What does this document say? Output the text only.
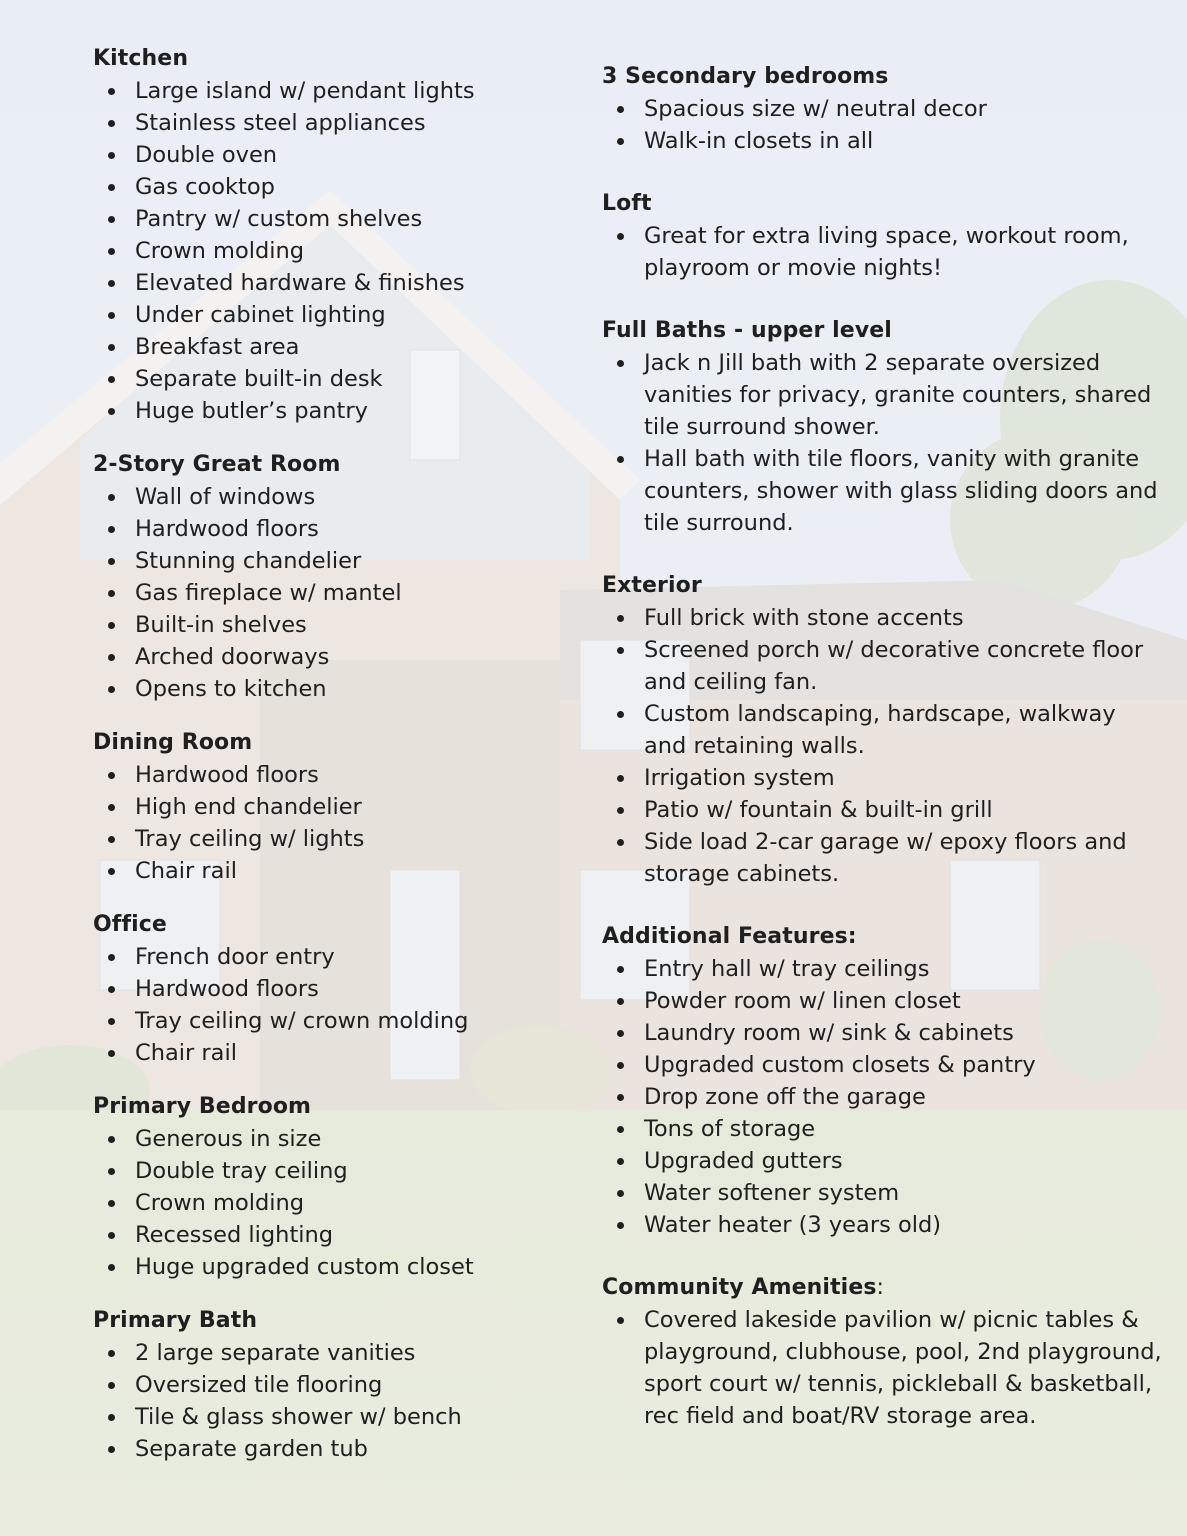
Kitchen
Large island w/ pendant lights
Stainless steel appliances
Double oven
Gas cooktop
Pantry w/ custom shelves
Crown molding
Elevated hardware & finishes
Under cabinet lighting
Breakfast area
Separate built-in desk
Huge butler’s pantry
2-Story Great Room
Wall of windows
Hardwood floors
Stunning chandelier
Gas fireplace w/ mantel
Built-in shelves
Arched doorways
Opens to kitchen
Dining Room
Hardwood floors
High end chandelier
Tray ceiling w/ lights
Chair rail
Office
French door entry
Hardwood floors
Tray ceiling w/ crown molding
Chair rail
Primary Bedroom
Generous in size
Double tray ceiling
Crown molding
Recessed lighting
Huge upgraded custom closet
Primary Bath
2 large separate vanities
Oversized tile flooring
Tile & glass shower w/ bench
Separate garden tub
3 Secondary bedrooms
Spacious size w/ neutral decor
Walk-in closets in all
Loft
Great for extra living space, workout room, playroom or movie nights!
Full Baths - upper level
Jack n Jill bath with 2 separate oversized vanities for privacy, granite counters, shared tile surround shower.
Hall bath with tile floors, vanity with granite counters, shower with glass sliding doors and tile surround.
Exterior
Full brick with stone accents
Screened porch w/ decorative concrete floor and ceiling fan.
Custom landscaping, hardscape, walkway and retaining walls.
Irrigation system
Patio w/ fountain & built-in grill
Side load 2-car garage w/ epoxy floors and storage cabinets.
Additional Features:
Entry hall w/ tray ceilings
Powder room w/ linen closet
Laundry room w/ sink & cabinets
Upgraded custom closets & pantry
Drop zone off the garage
Tons of storage
Upgraded gutters
Water softener system
Water heater (3 years old)
Community Amenities:
Covered lakeside pavilion w/ picnic tables & playground, clubhouse, pool, 2nd playground, sport court w/ tennis, pickleball & basketball, rec field and boat/RV storage area.
